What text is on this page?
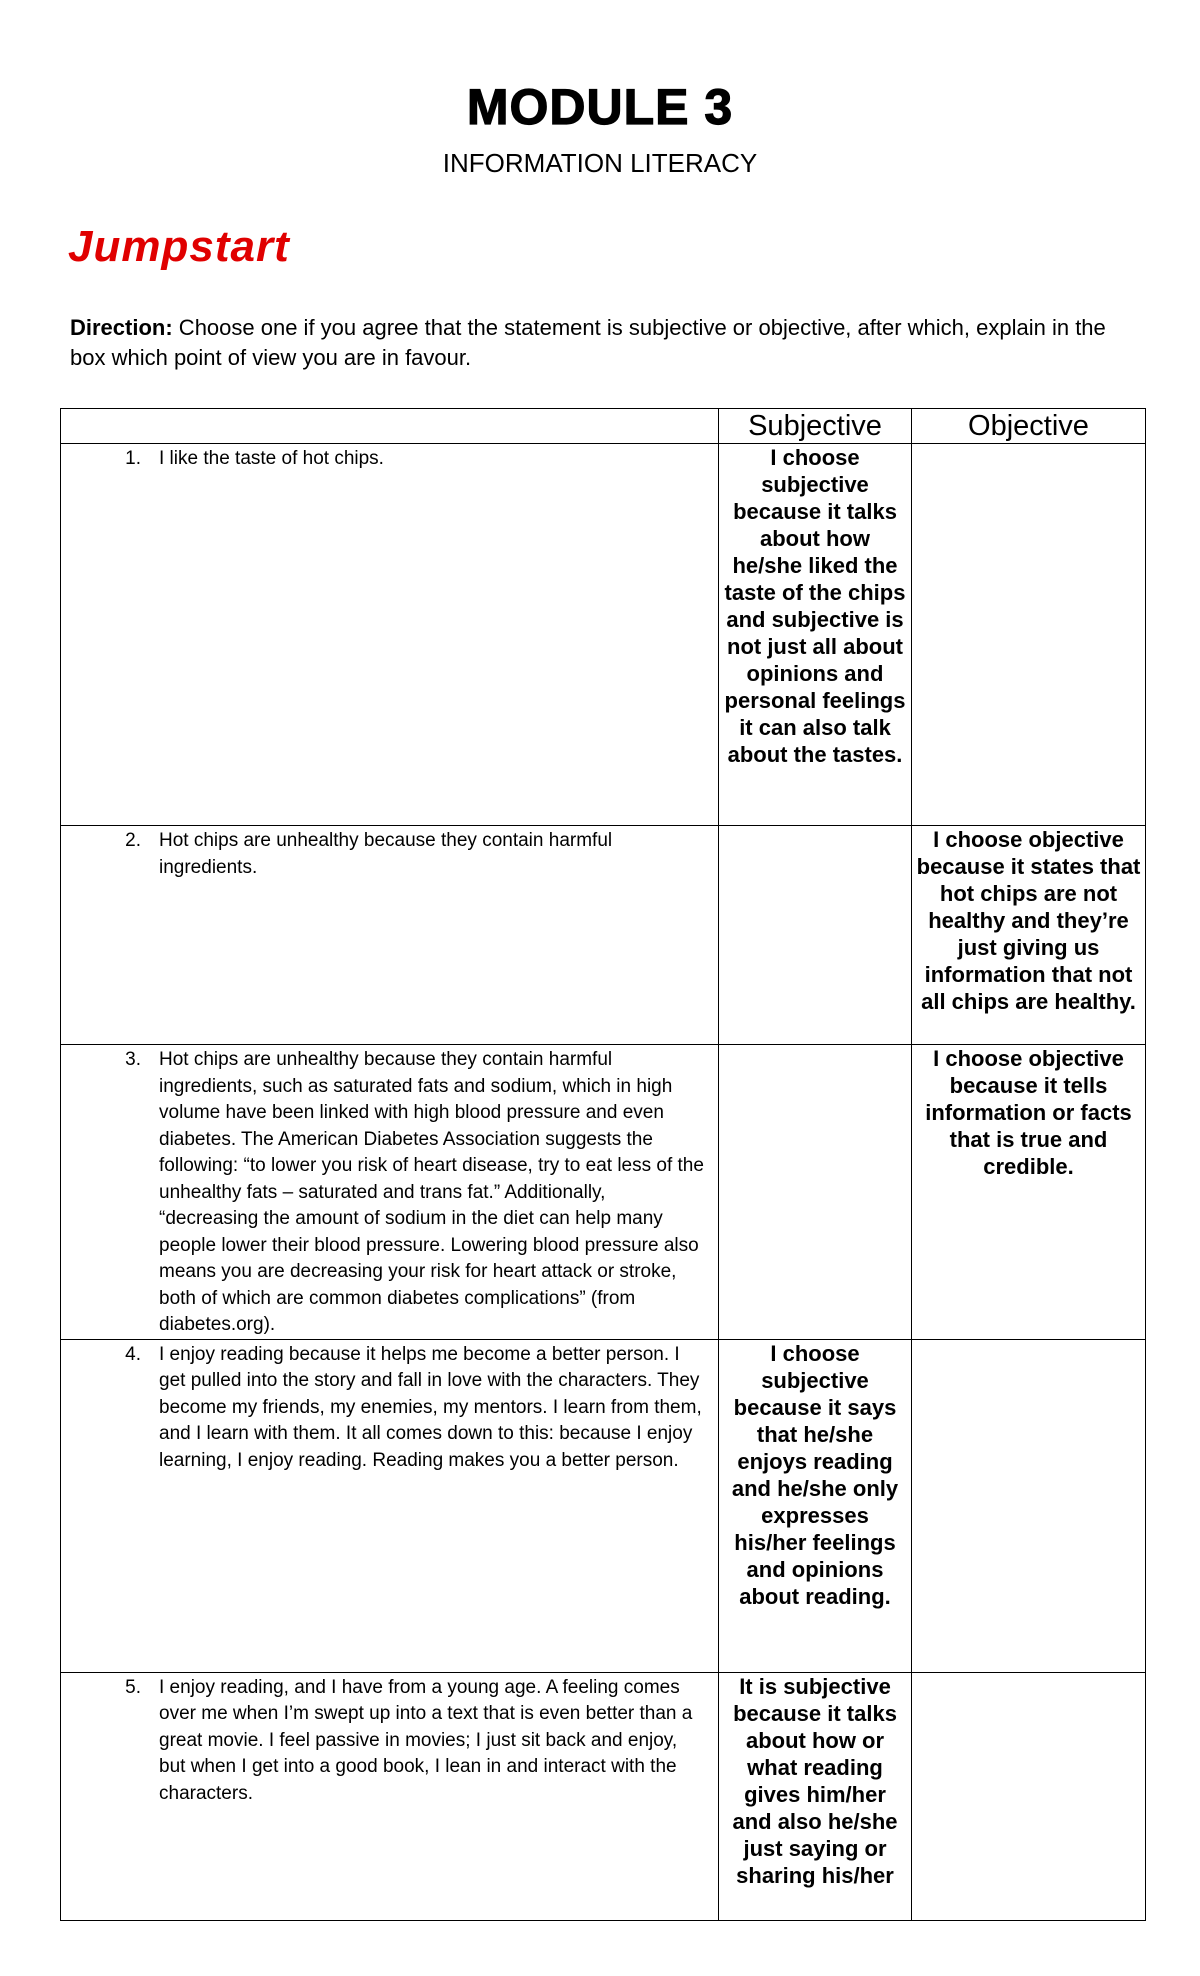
MODULE 3
INFORMATION LITERACY
Jumpstart
Direction: Choose one if you agree that the statement is subjective or objective, after which, explain in the box which point of view you are in favour.
	Subjective	Objective

1. I like the taste of hot chips.	I choose subjective because it talks about how he/she liked the taste of the chips and subjective is not just all about opinions and personal feelings it can also talk about the tastes.	

2. Hot chips are unhealthy because they contain harmful ingredients.		I choose objective because it states that hot chips are not healthy and they’re just giving us information that not all chips are healthy.

3. Hot chips are unhealthy because they contain harmful ingredients, such as saturated fats and sodium, which in high volume have been linked with high blood pressure and even diabetes. The American Diabetes Association suggests the following: “to lower you risk of heart disease, try to eat less of the unhealthy fats – saturated and trans fat.” Additionally, “decreasing the amount of sodium in the diet can help many people lower their blood pressure. Lowering blood pressure also means you are decreasing your risk for heart attack or stroke, both of which are common diabetes complications” (from diabetes.org).		I choose objective because it tells information or facts that is true and credible.

4. I enjoy reading because it helps me become a better person. I get pulled into the story and fall in love with the characters. They become my friends, my enemies, my mentors. I learn from them, and I learn with them. It all comes down to this: because I enjoy learning, I enjoy reading. Reading makes you a better person.	I choose subjective because it says that he/she enjoys reading and he/she only expresses his/her feelings and opinions about reading.	

5. I enjoy reading, and I have from a young age. A feeling comes over me when I’m swept up into a text that is even better than a great movie. I feel passive in movies; I just sit back and enjoy, but when I get into a good book, I lean in and interact with the characters.	It is subjective because it talks about how or what reading gives him/her and also he/she just saying or sharing his/her	
